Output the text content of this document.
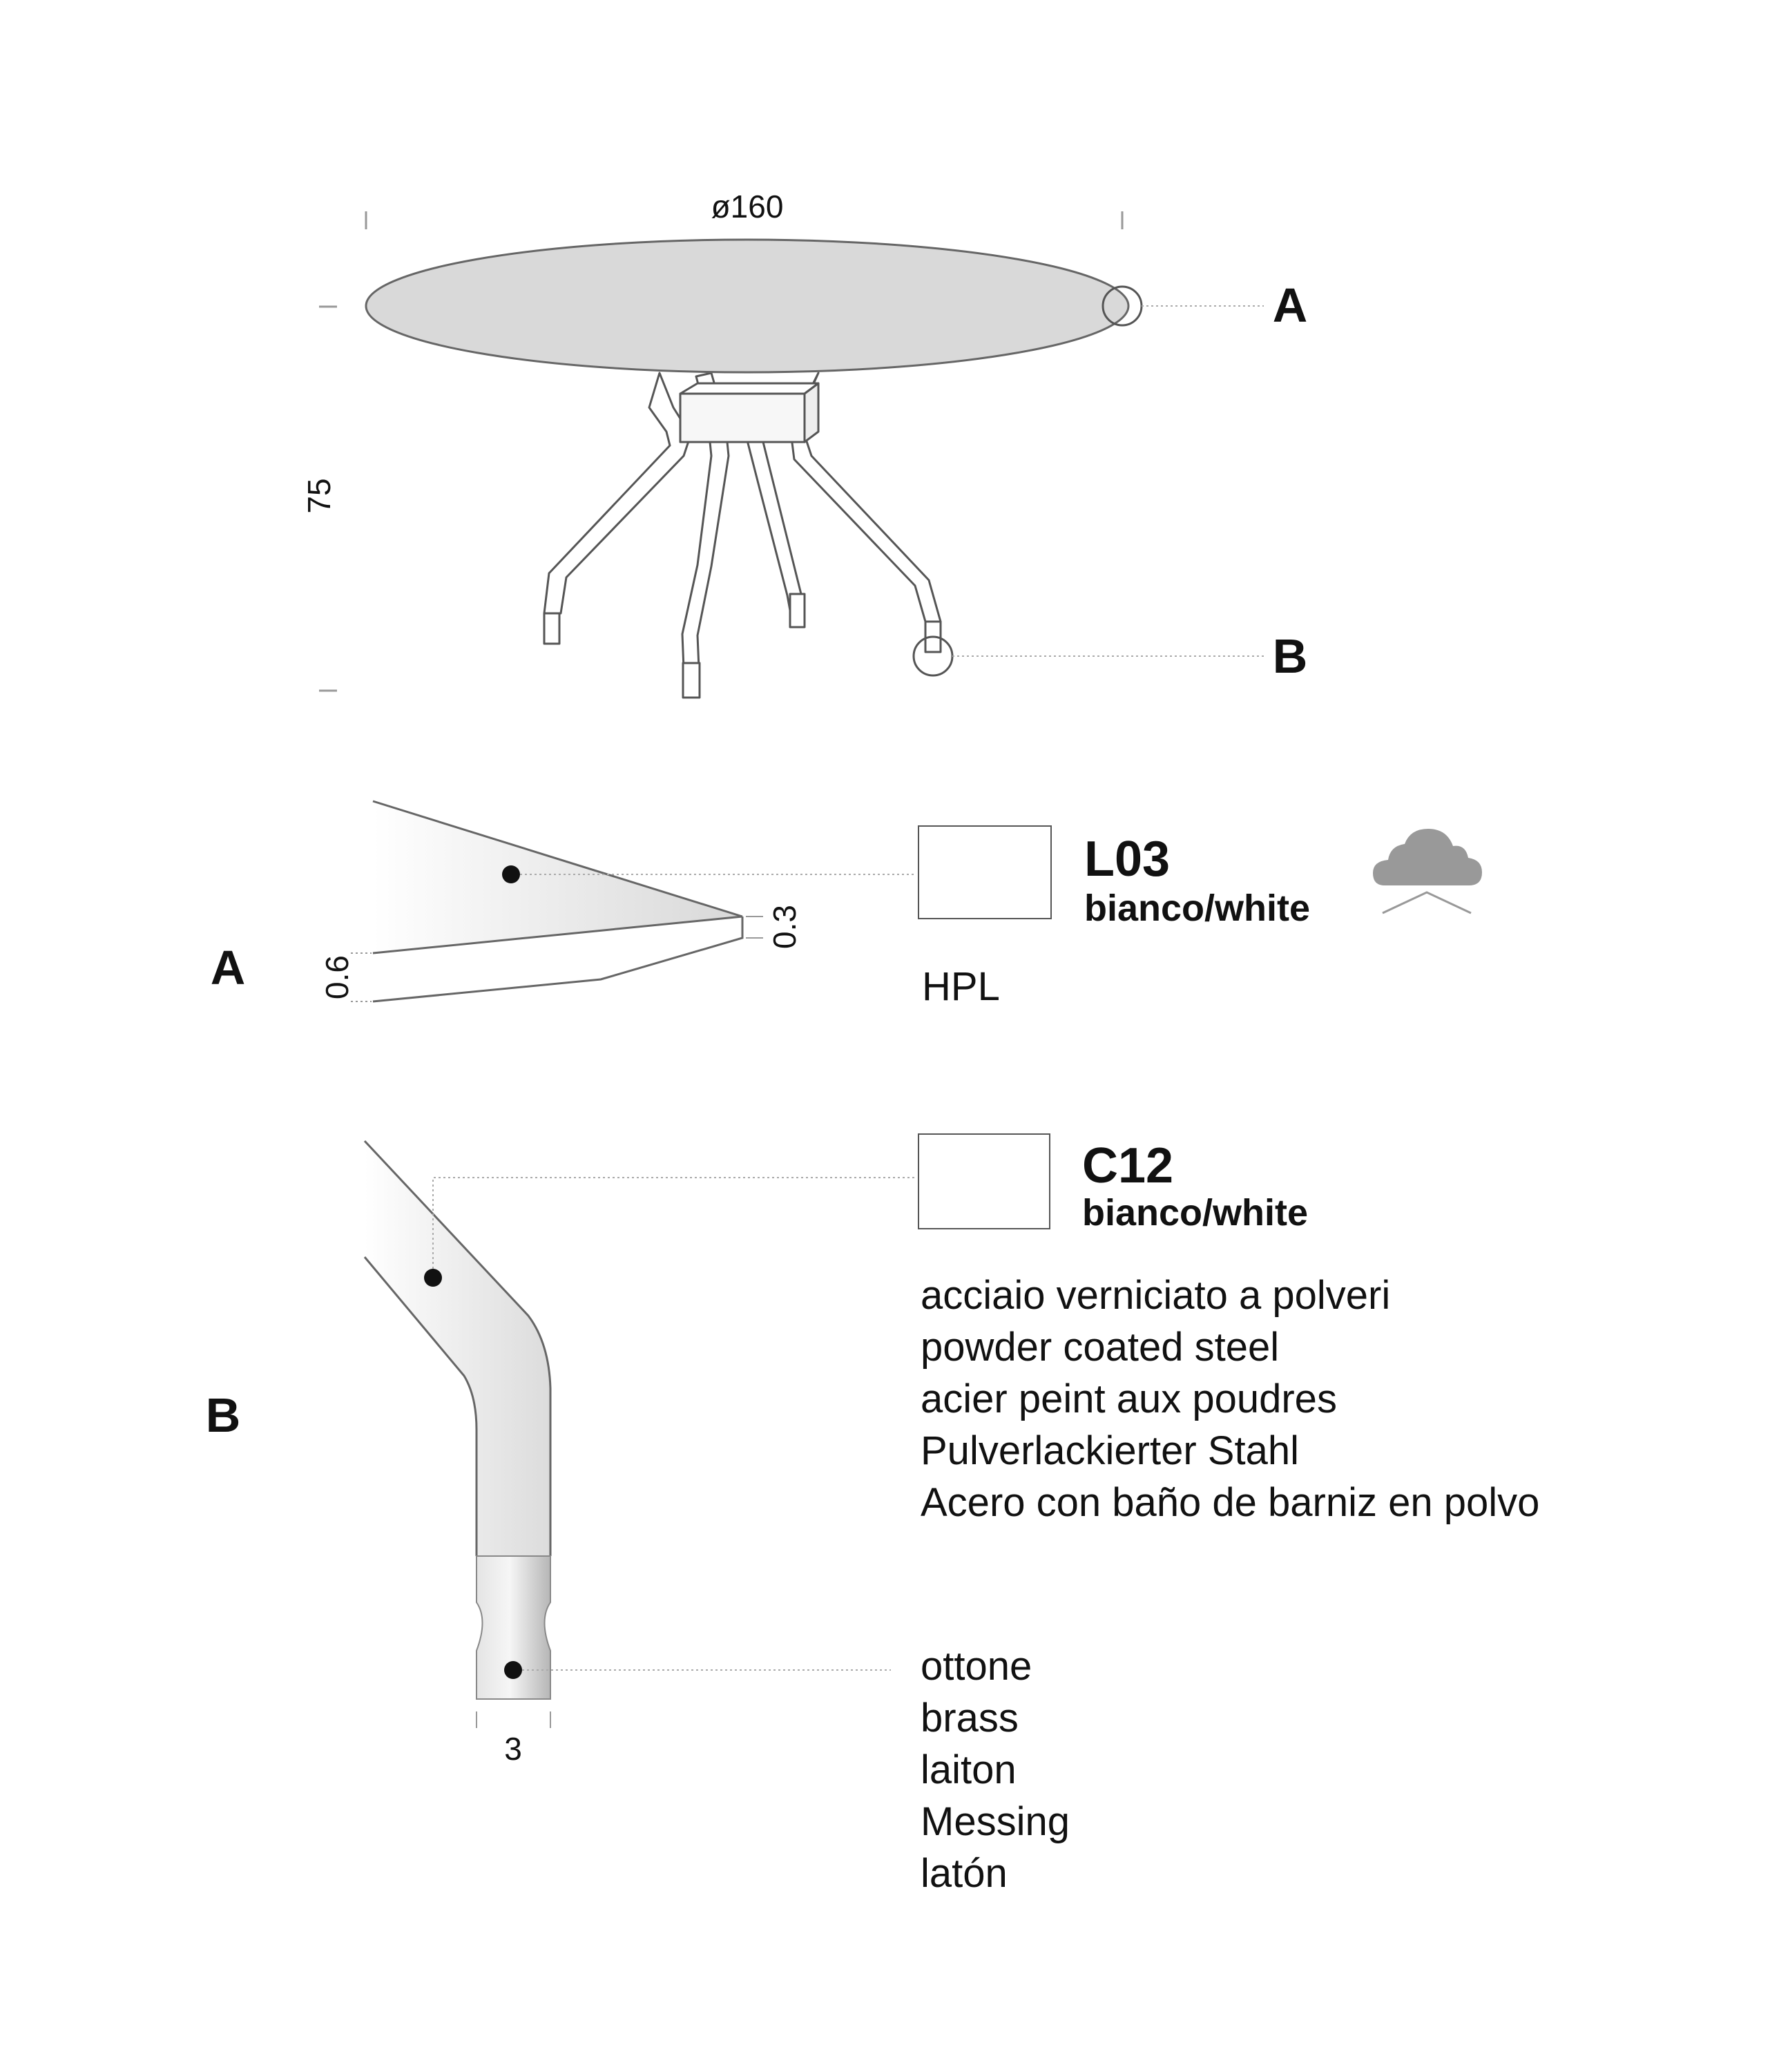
ø160
75
A
B
A 0.6
0.3
L03
bianco/white
HPL
B
3
C12
bianco/white
acciaio verniciato a polveri
powder coated steel
acier peint aux poudres
Pulverlackierter Stahl
Acero con baño de barniz en polvo
ottone
brass
laiton
Messing
latón
